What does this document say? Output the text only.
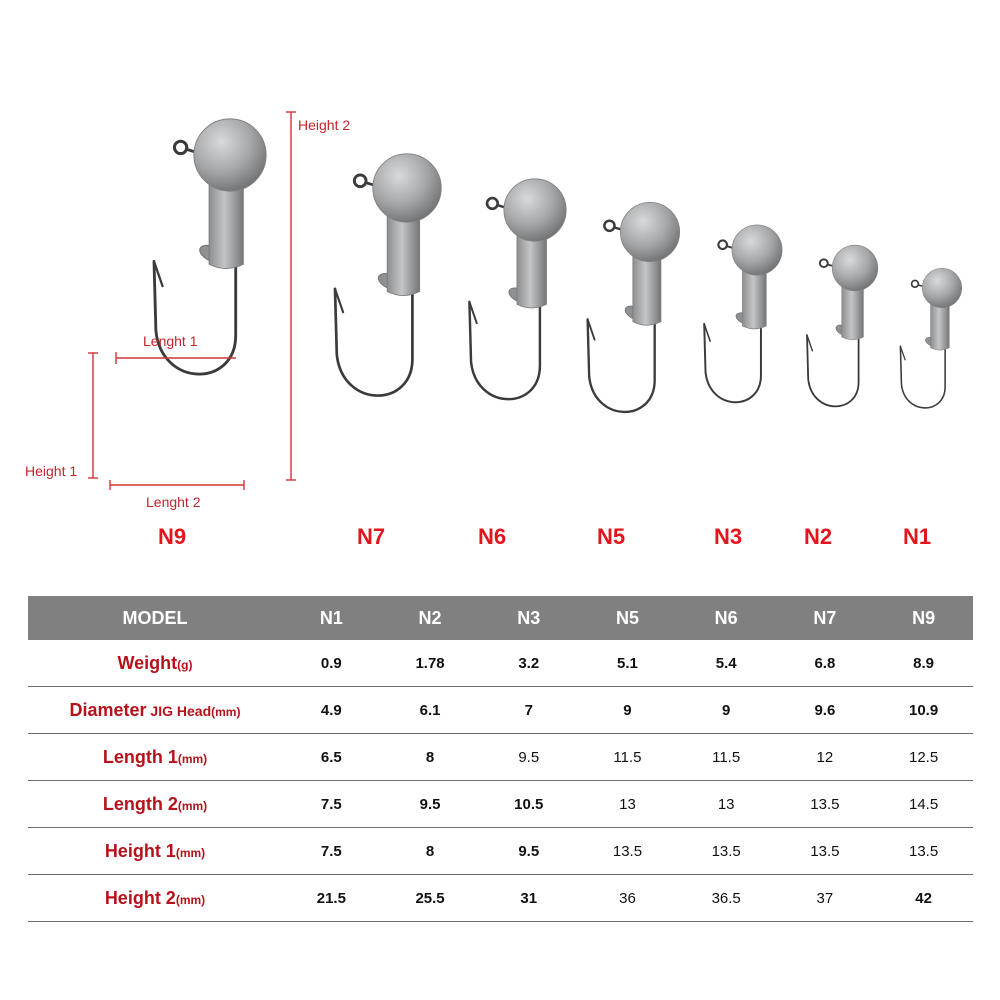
Height 2
Lenght 1
Height 1
Lenght 2
N9	N7	N6	N5	N3	N2	N1
MODEL	N1	N2	N3	N5	N6	N7	N9
Weight(g)	0.9	1.78	3.2	5.1	5.4	6.8	8.9
Diameter JIG Head(mm)	4.9	6.1	7	9	9	9.6	10.9
Length 1(mm)	6.5	8	9.5	11.5	11.5	12	12.5
Length 2(mm)	7.5	9.5	10.5	13	13	13.5	14.5
Height 1(mm)	7.5	8	9.5	13.5	13.5	13.5	13.5
Height 2(mm)	21.5	25.5	31	36	36.5	37	42
